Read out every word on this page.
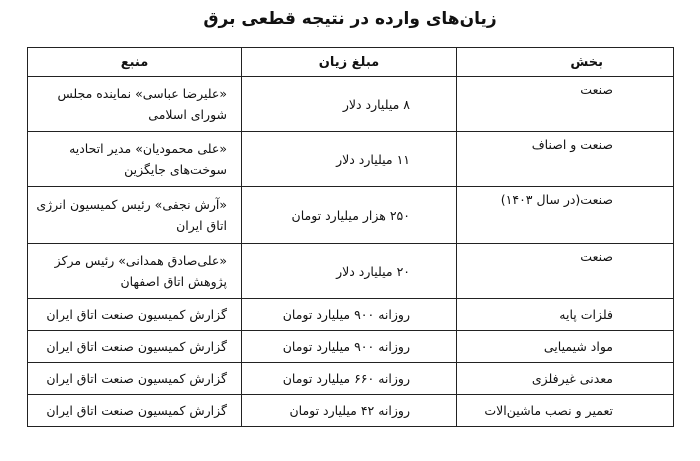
زیان‌های وارده در نتیجه قطعی برق
بخش	مبلغ زیان	منبع
صنعت	۸ میلیارد دلار	«علیرضا عباسی» نماینده مجلس
شورای اسلامی

صنعت و اصناف	۱۱ میلیارد دلار	«علی محمودیان» مدیر اتحادیه
سوخت‌های جایگزین

صنعت(در سال ۱۴۰۳)	۲۵۰ هزار میلیارد تومان	«آرش نجفی» رئیس کمیسیون انرژی
اتاق ایران

صنعت	۲۰ میلیارد دلار	«علی‌صادق همدانی» رئیس مرکز
پژوهش اتاق اصفهان

فلزات پایه	روزانه ۹۰۰ میلیارد تومان	گزارش کمیسیون صنعت اتاق ایران
مواد شیمیایی	روزانه ۹۰۰ میلیارد تومان	گزارش کمیسیون صنعت اتاق ایران
معدنی غیرفلزی	روزانه ۶۶۰ میلیارد تومان	گزارش کمیسیون صنعت اتاق ایران
تعمیر و نصب ماشین‌الات	روزانه ۴۲ میلیارد تومان	گزارش کمیسیون صنعت اتاق ایران
